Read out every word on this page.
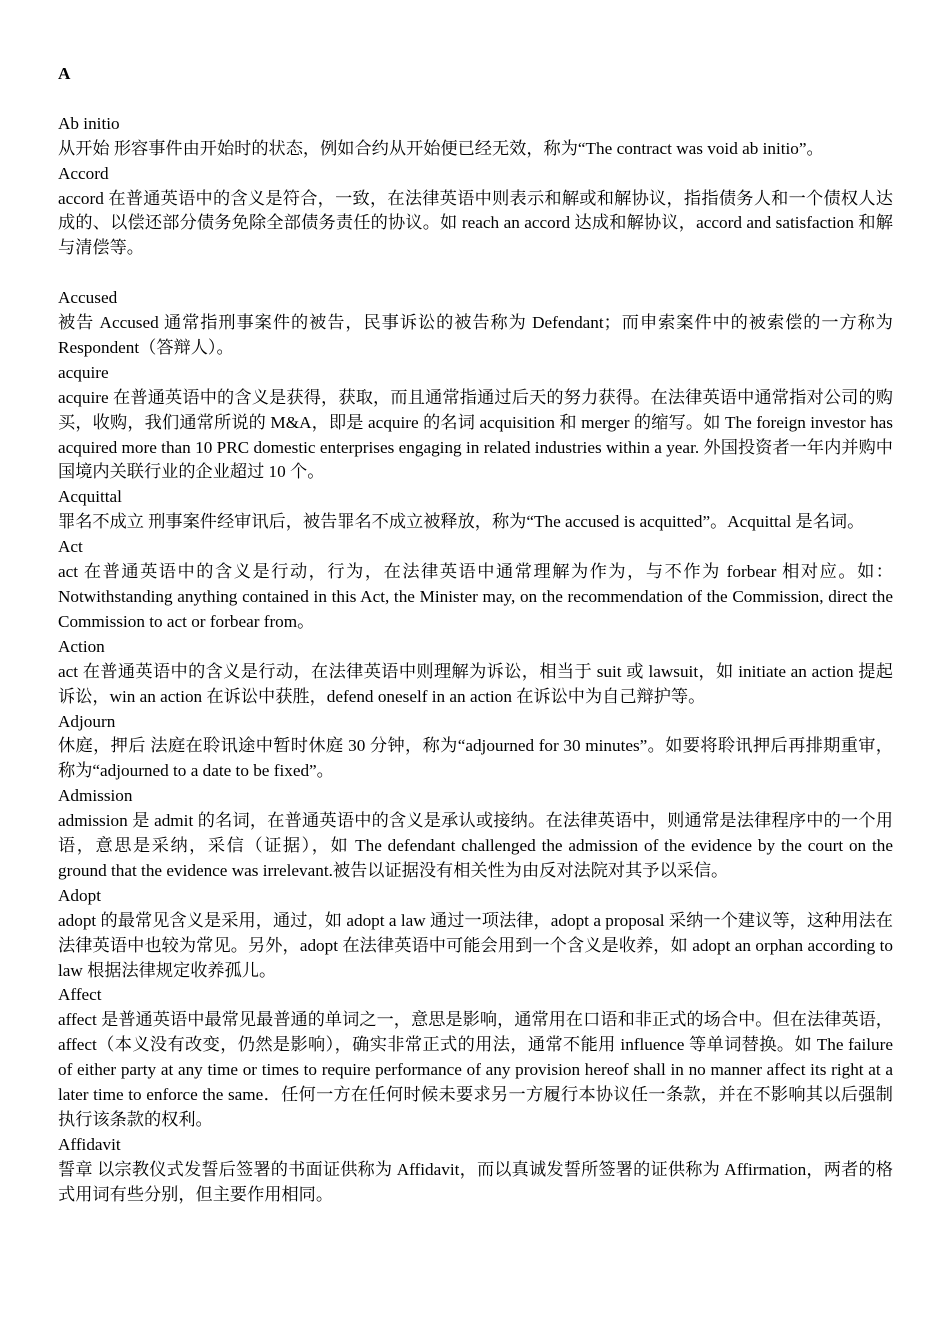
A

Ab initio

从开始 形容事件由开始时的状态，例如合约从开始便已经无效，称为“The contract was void ab initio”。

Accord

accord 在普通英语中的含义是符合，一致，在法律英语中则表示和解或和解协议，指指债务人和一个债权人达成的、以偿还部分债务免除全部债务责任的协议。如 reach an accord 达成和解协议，accord and satisfaction 和解与清偿等。

Accused

被告 Accused 通常指刑事案件的被告，民事诉讼的被告称为 Defendant；而申索案件中的被索偿的一方称为 Respondent（答辩人）。

acquire

acquire 在普通英语中的含义是获得，获取，而且通常指通过后天的努力获得。在法律英语中通常指对公司的购买，收购，我们通常所说的 M&A，即是 acquire 的名词 acquisition 和 merger 的缩写。如 The foreign investor has acquired more than 10 PRC domestic enterprises engaging in related industries within a year. 外国投资者一年内并购中国境内关联行业的企业超过 10 个。

Acquittal

罪名不成立 刑事案件经审讯后，被告罪名不成立被释放，称为“The accused is acquitted”。Acquittal 是名词。

Act

act 在普通英语中的含义是行动，行为，在法律英语中通常理解为作为，与不作为 forbear 相对应。如：Notwithstanding anything contained in this Act, the Minister may, on the recommendation of the Commission, direct the Commission to act or forbear from。

Action

act 在普通英语中的含义是行动，在法律英语中则理解为诉讼，相当于 suit 或 lawsuit，如 initiate an action 提起诉讼，win an action 在诉讼中获胜，defend oneself in an action 在诉讼中为自己辩护等。

Adjourn

休庭，押后 法庭在聆讯途中暂时休庭 30 分钟，称为“adjourned for 30 minutes”。如要将聆讯押后再排期重审，称为“adjourned to a date to be fixed”。

Admission

admission 是 admit 的名词，在普通英语中的含义是承认或接纳。在法律英语中，则通常是法律程序中的一个用语，意思是采纳，采信（证据），如 The defendant challenged the admission of the evidence by the court on the ground that the evidence was irrelevant.被告以证据没有相关性为由反对法院对其予以采信。

Adopt

adopt 的最常见含义是采用，通过，如 adopt a law 通过一项法律，adopt a proposal 采纳一个建议等，这种用法在法律英语中也较为常见。另外，adopt 在法律英语中可能会用到一个含义是收养，如 adopt an orphan according to law 根据法律规定收养孤儿。

Affect

affect 是普通英语中最常见最普通的单词之一，意思是影响，通常用在口语和非正式的场合中。但在法律英语，affect（本义没有改变，仍然是影响），确实非常正式的用法，通常不能用 influence 等单词替换。如 The failure of either party at any time or times to require performance of any provision hereof shall in no manner affect its right at a later time to enforce the same．任何一方在任何时候未要求另一方履行本协议任一条款，并在不影响其以后强制执行该条款的权利。

Affidavit

誓章 以宗教仪式发誓后签署的书面证供称为 Affidavit，而以真诚发誓所签署的证供称为 Affirmation，两者的格式用词有些分别，但主要作用相同。
